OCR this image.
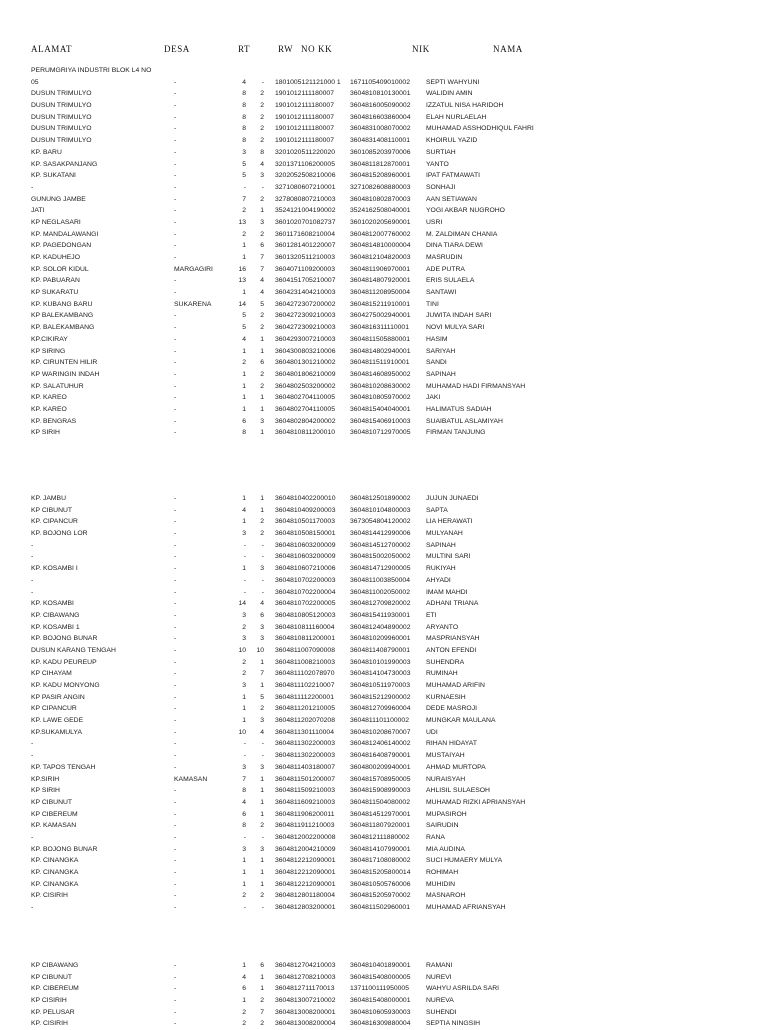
ALAMAT	DESA	RT	RW NO KK	NIK	NAMA
PERUMGRIYA INDUSTRI BLOK L4 NO
05	-	4	- 1801005121121000 1 1671105409010002 SEPTI WAHYUNI
DUSUN TRIMULYO	-	8	2 1901012111180007 3604810810130001 WALIDIN AMIN
DUSUN TRIMULYO	-	8	2 1901012111180007 3604816005090002 IZZATUL NISA HARIDOH
DUSUN TRIMULYO	-	8	2 1901012111180007 3604816603860004 ELAH NURLAELAH
DUSUN TRIMULYO	-	8	2 1901012111180007 3604831008070002 MUHAMAD ASSHODHIQUL FAHRI
DUSUN TRIMULYO	-	8	2 1901012111180007 3604831408110001 KHOIRUL YAZID
KP. BARU	-	3	8 3201020511220020 3601085203970006 SURTIAH
KP. SASAKPANJANG	-	5	4 3201371106200005 3604811812870001 YANTO
KP. SUKATANI	-	5	3 3202052508210006 3604815208960001 IPAT FATMAWATI
-	-	-	- 3271080607210001 3271082608880003 SONHAJI
GUNUNG JAMBE	-	7	2 3278080807210003 3604810802870003 AAN SETIAWAN
JATI	-	2	1 3524121004190002 3524162508040001 YOGI AKBAR NUGROHO
KP NEGLASARI	-	13	3 3601020701082737 3601020205690001 USRI
KP. MANDALAWANGI	-	2	2 3601171608210004 3604812007760002 M. ZALDIMAN CHANIA
KP. PAGEDONGAN	-	1	6 3601281401220007 3604814810000004 DINA TIARA DEWI
KP. KADUHEJO	-	1	7 3601320511210003 3604812104820003 MASRUDIN
KP. SOLOR KIDUL	MARGAGIRI	16	7 3604071109200003 3604811906970001 ADE PUTRA
KP. PABUARAN	-	13	4 3604151705210007 3604814807920001 ERIS SULAELA
KP SUKARATU	-	1	4 3604231404210003 3604811208950004 SANTAWI
KP. KUBANG BARU	SUKARENA	14	5 3604272307200002 3604815211910001 TINI
KP BALEKAMBANG	-	5	2 3604272309210003 3604275002940001 JUWITA INDAH SARI
KP. BALEKAMBANG	-	5	2 3604272309210003 3604816311110001	NOVI MULYA SARI
KP.CIKIRAY	-	4	1 3604293007210003 3604811505880001 HASIM
KP SIRING	-	1	1 3604300803210006 3604814802940001 SARIYAH
KP. CIRUNTEN HILIR	-	2	6 3604801301210002 3604811511910001 SANDI
KP WARINGIN INDAH	-	1	2 3604801806210009 3604814608950002 SAPINAH
KP. SALATUHUR	-	1	2 3604802503200002 3604810208630002 MUHAMAD HADI FIRMANSYAH
KP. KAREO	-	1	1 3604802704110005 3604810805970002 JAKI
KP. KAREO	-	1	1 3604802704110005 3604815404040001 HALIMATUS SADIAH
KP. BENGRAS	-	6	3 3604802804200002 3604815406910003 SUAIBATUL ASLAMIYAH
KP SIRIH	-	8	1 3604810811200010 3604810712970005 FIRMAN TANJUNG
KP. JAMBU	-	1	1 3604810402200010 3604812501890002 JUJUN JUNAEDI
KP CIBUNUT	-	4	1 3604810409200003 3604810104800003 SAPTA
KP. CIPANCUR	-	1	2 3604810501170003 3673054804120002 LIA HERAWATI
KP. BOJONG LOR	-	3	2 3604810508150001 3604814412990006 MULYANAH
-	-	-	- 3604810603200009 3604814512700002 SAPINAH
-	-	-	- 3604810603200009 3604815002050002 MULTINI SARI
KP. KOSAMBI I	-	1	3 3604810607210006 3604814712900005 RUKIYAH
-	-	-	- 3604810702200003 3604811003850004 AHYADI
-	-	-	- 3604810702200004 3604811002050002 IMAM MAHDI
KP. KOSAMBI	-	14	4 3604810702200005 3604812709820002 ADHANI TRIANA
KP. CIBAWANG	-	3	6 3604810805120003 3604815411930001 ETI
KP. KOSAMBI 1	-	2	3 3604810811160004 3604812404890002 ARYANTO
KP. BOJONG BUNAR	-	3	3 3604810811200001 3604810209960001 MASPRIANSYAH
DUSUN KARANG TENGAH	-	10 10 3604811007090008 3604811408790001 ANTON EFENDI
KP. KADU PEUREUP	-	2	1 3604811008210003 3604810101990003 SUHENDRA
KP CIHAYAM	-	2	7 3604811102078970 3604814104730003 RUMINAH
KP. KADU MONYONG	-	3	1 3604811102210007 3604810511970003 MUHAMAD ARIFIN
KP PASIR ANGIN	-	1	5 3604811112200001 3604815212900002 KURNAESIH
KP CIPANCUR	-	1	2 3604811201210005 3604812709960004 DEDE MASROJI
KP. LAWE GEDE	-	1	3 3604811202070208 3604811101100002	MUNGKAR MAULANA
KP.SUKAMULYA	-	10	4 3604811301110004 3604810208670007 UDI
-	-	-	- 3604811302200003 3604812406140002 RIHAN HIDAYAT
-	-	-	- 3604811302200003 3604816408790001 MUSTAIYAH
KP. TAPOS TENGAH	-	3	3 3604811403180007 3604800209940001 AHMAD MURTOPA
KP.SIRIH	KAMASAN	7	1 3604811501200007 3604815708950005 NURAISYAH
KP SIRIH	-	8	1 3604811509210003 3604815908990003 AHLISIL SULAESOH
KP CIBUNUT	-	4	1 3604811609210003 3604811504080002 MUHAMAD RIZKI APRIANSYAH
KP CIBEREUM	-	6	1 3604811906200011 3604814512970001 MUPASIROH
KP. KAMASAN	-	8	2 3604811911210003 3604811807920001 SAIRUDIN
-	-	-	- 3604812002200008 3604812111880002 RANA
KP. BOJONG BUNAR	-	3	3 3604812004210009 3604814107990001 MIA AUDINA
KP. CINANGKA	-	1	1 3604812212090001 3604817108080002 SUCI HUMAERY MULYA
KP. CINANGKA	-	1	1 3604812212090001 3604815205800014 ROHIMAH
KP. CINANGKA	-	1	1 3604812212090001 3604810505760006 MUHIDIN
KP. CISIRIH	-	2	2 3604812801180004 3604815205970002 MASNAROH
-	-	-	- 3604812803200001 3604811502960001 MUHAMAD AFRIANSYAH
KP CIBAWANG	-	1	6 3604812704210003 3604810401890001 RAMANI
KP CIBUNUT	-	4	1 3604812708210003 3604815408000005 NUREVI
KP. CIBEREUM	-	6	1 3604812711170013 1371100111950005	WAHYU ASRILDA SARI
KP CISIRIH	-	1	2 3604813007210002 3604815408000001 NUREVA
KP. PELUSAR	-	2	7 3604813008200001 3604810605930003 SUHENDI
KP. CISIRIH	-	2	2 3604813008200004 3604816309880004 SEPTIA NINGSIH
